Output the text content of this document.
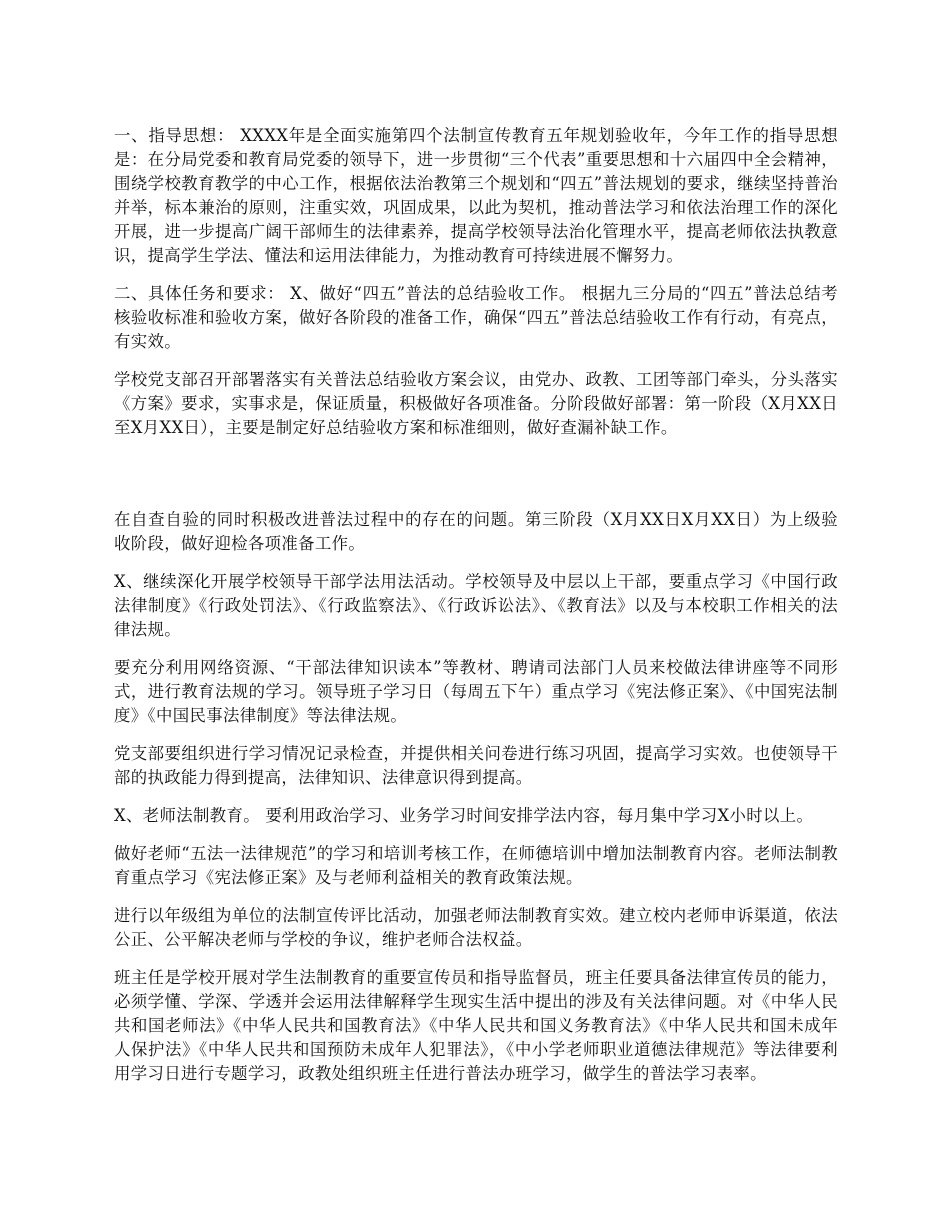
一、指导思想： XXXX年是全面实施第四个法制宣传教育五年规划验收年，今年工作的指导思想是：在分局党委和教育局党委的领导下，进一步贯彻“三个代表”重要思想和十六届四中全会精神，围绕学校教育教学的中心工作，根据依法治教第三个规划和“四五”普法规划的要求，继续坚持普治并举，标本兼治的原则，注重实效，巩固成果，以此为契机，推动普法学习和依法治理工作的深化开展，进一步提高广阔干部师生的法律素养，提高学校领导法治化管理水平，提高老师依法执教意识，提高学生学法、懂法和运用法律能力，为推动教育可持续进展不懈努力。

二、具体任务和要求： X、做好“四五”普法的总结验收工作。 根据九三分局的“四五”普法总结考核验收标准和验收方案，做好各阶段的准备工作，确保“四五”普法总结验收工作有行动，有亮点，有实效。

学校党支部召开部署落实有关普法总结验收方案会议，由党办、政教、工团等部门牵头，分头落实《方案》要求，实事求是，保证质量，积极做好各项准备。分阶段做好部署：第一阶段（X月XX日至X月XX日），主要是制定好总结验收方案和标准细则，做好查漏补缺工作。

在自查自验的同时积极改进普法过程中的存在的问题。第三阶段（X月XX日X月XX日）为上级验收阶段，做好迎检各项准备工作。

X、继续深化开展学校领导干部学法用法活动。学校领导及中层以上干部，要重点学习《中国行政法律制度》《行政处罚法》、《行政监察法》、《行政诉讼法》、《教育法》以及与本校职工作相关的法律法规。

要充分利用网络资源、“干部法律知识读本”等教材、聘请司法部门人员来校做法律讲座等不同形式，进行教育法规的学习。领导班子学习日（每周五下午）重点学习《宪法修正案》、《中国宪法制度》《中国民事法律制度》等法律法规。

党支部要组织进行学习情况记录检查，并提供相关问卷进行练习巩固，提高学习实效。也使领导干部的执政能力得到提高，法律知识、法律意识得到提高。

X、老师法制教育。 要利用政治学习、业务学习时间安排学法内容，每月集中学习X小时以上。

做好老师“五法一法律规范”的学习和培训考核工作，在师德培训中增加法制教育内容。老师法制教育重点学习《宪法修正案》及与老师利益相关的教育政策法规。

进行以年级组为单位的法制宣传评比活动，加强老师法制教育实效。建立校内老师申诉渠道，依法公正、公平解决老师与学校的争议，维护老师合法权益。

班主任是学校开展对学生法制教育的重要宣传员和指导监督员，班主任要具备法律宣传员的能力，必须学懂、学深、学透并会运用法律解释学生现实生活中提出的涉及有关法律问题。对《中华人民共和国老师法》《中华人民共和国教育法》《中华人民共和国义务教育法》《中华人民共和国未成年人保护法》《中华人民共和国预防未成年人犯罪法》，《中小学老师职业道德法律规范》等法律要利用学习日进行专题学习，政教处组织班主任进行普法办班学习，做学生的普法学习表率。
